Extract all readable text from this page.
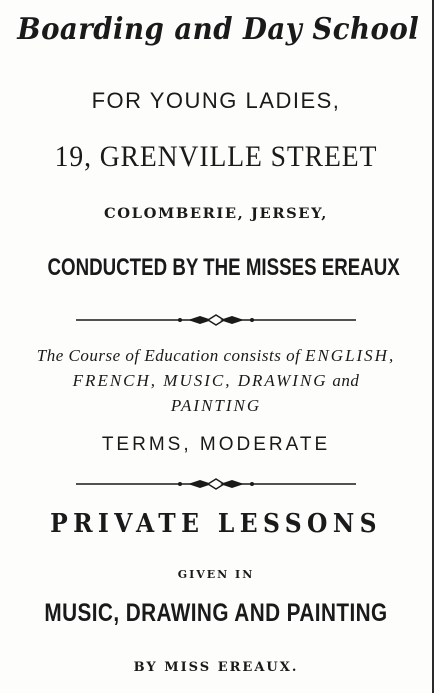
Boarding and Day School
FOR YOUNG LADIES,
19, GRENVILLE STREET
COLOMBERIE, JERSEY,
CONDUCTED BY THE MISSES EREAUX
The Course of Education consists of ENGLISH,
FRENCH, MUSIC, DRAWING and
PAINTING
TERMS, MODERATE
PRIVATE LESSONS
GIVEN IN
MUSIC, DRAWING AND PAINTING
BY MISS EREAUX.
